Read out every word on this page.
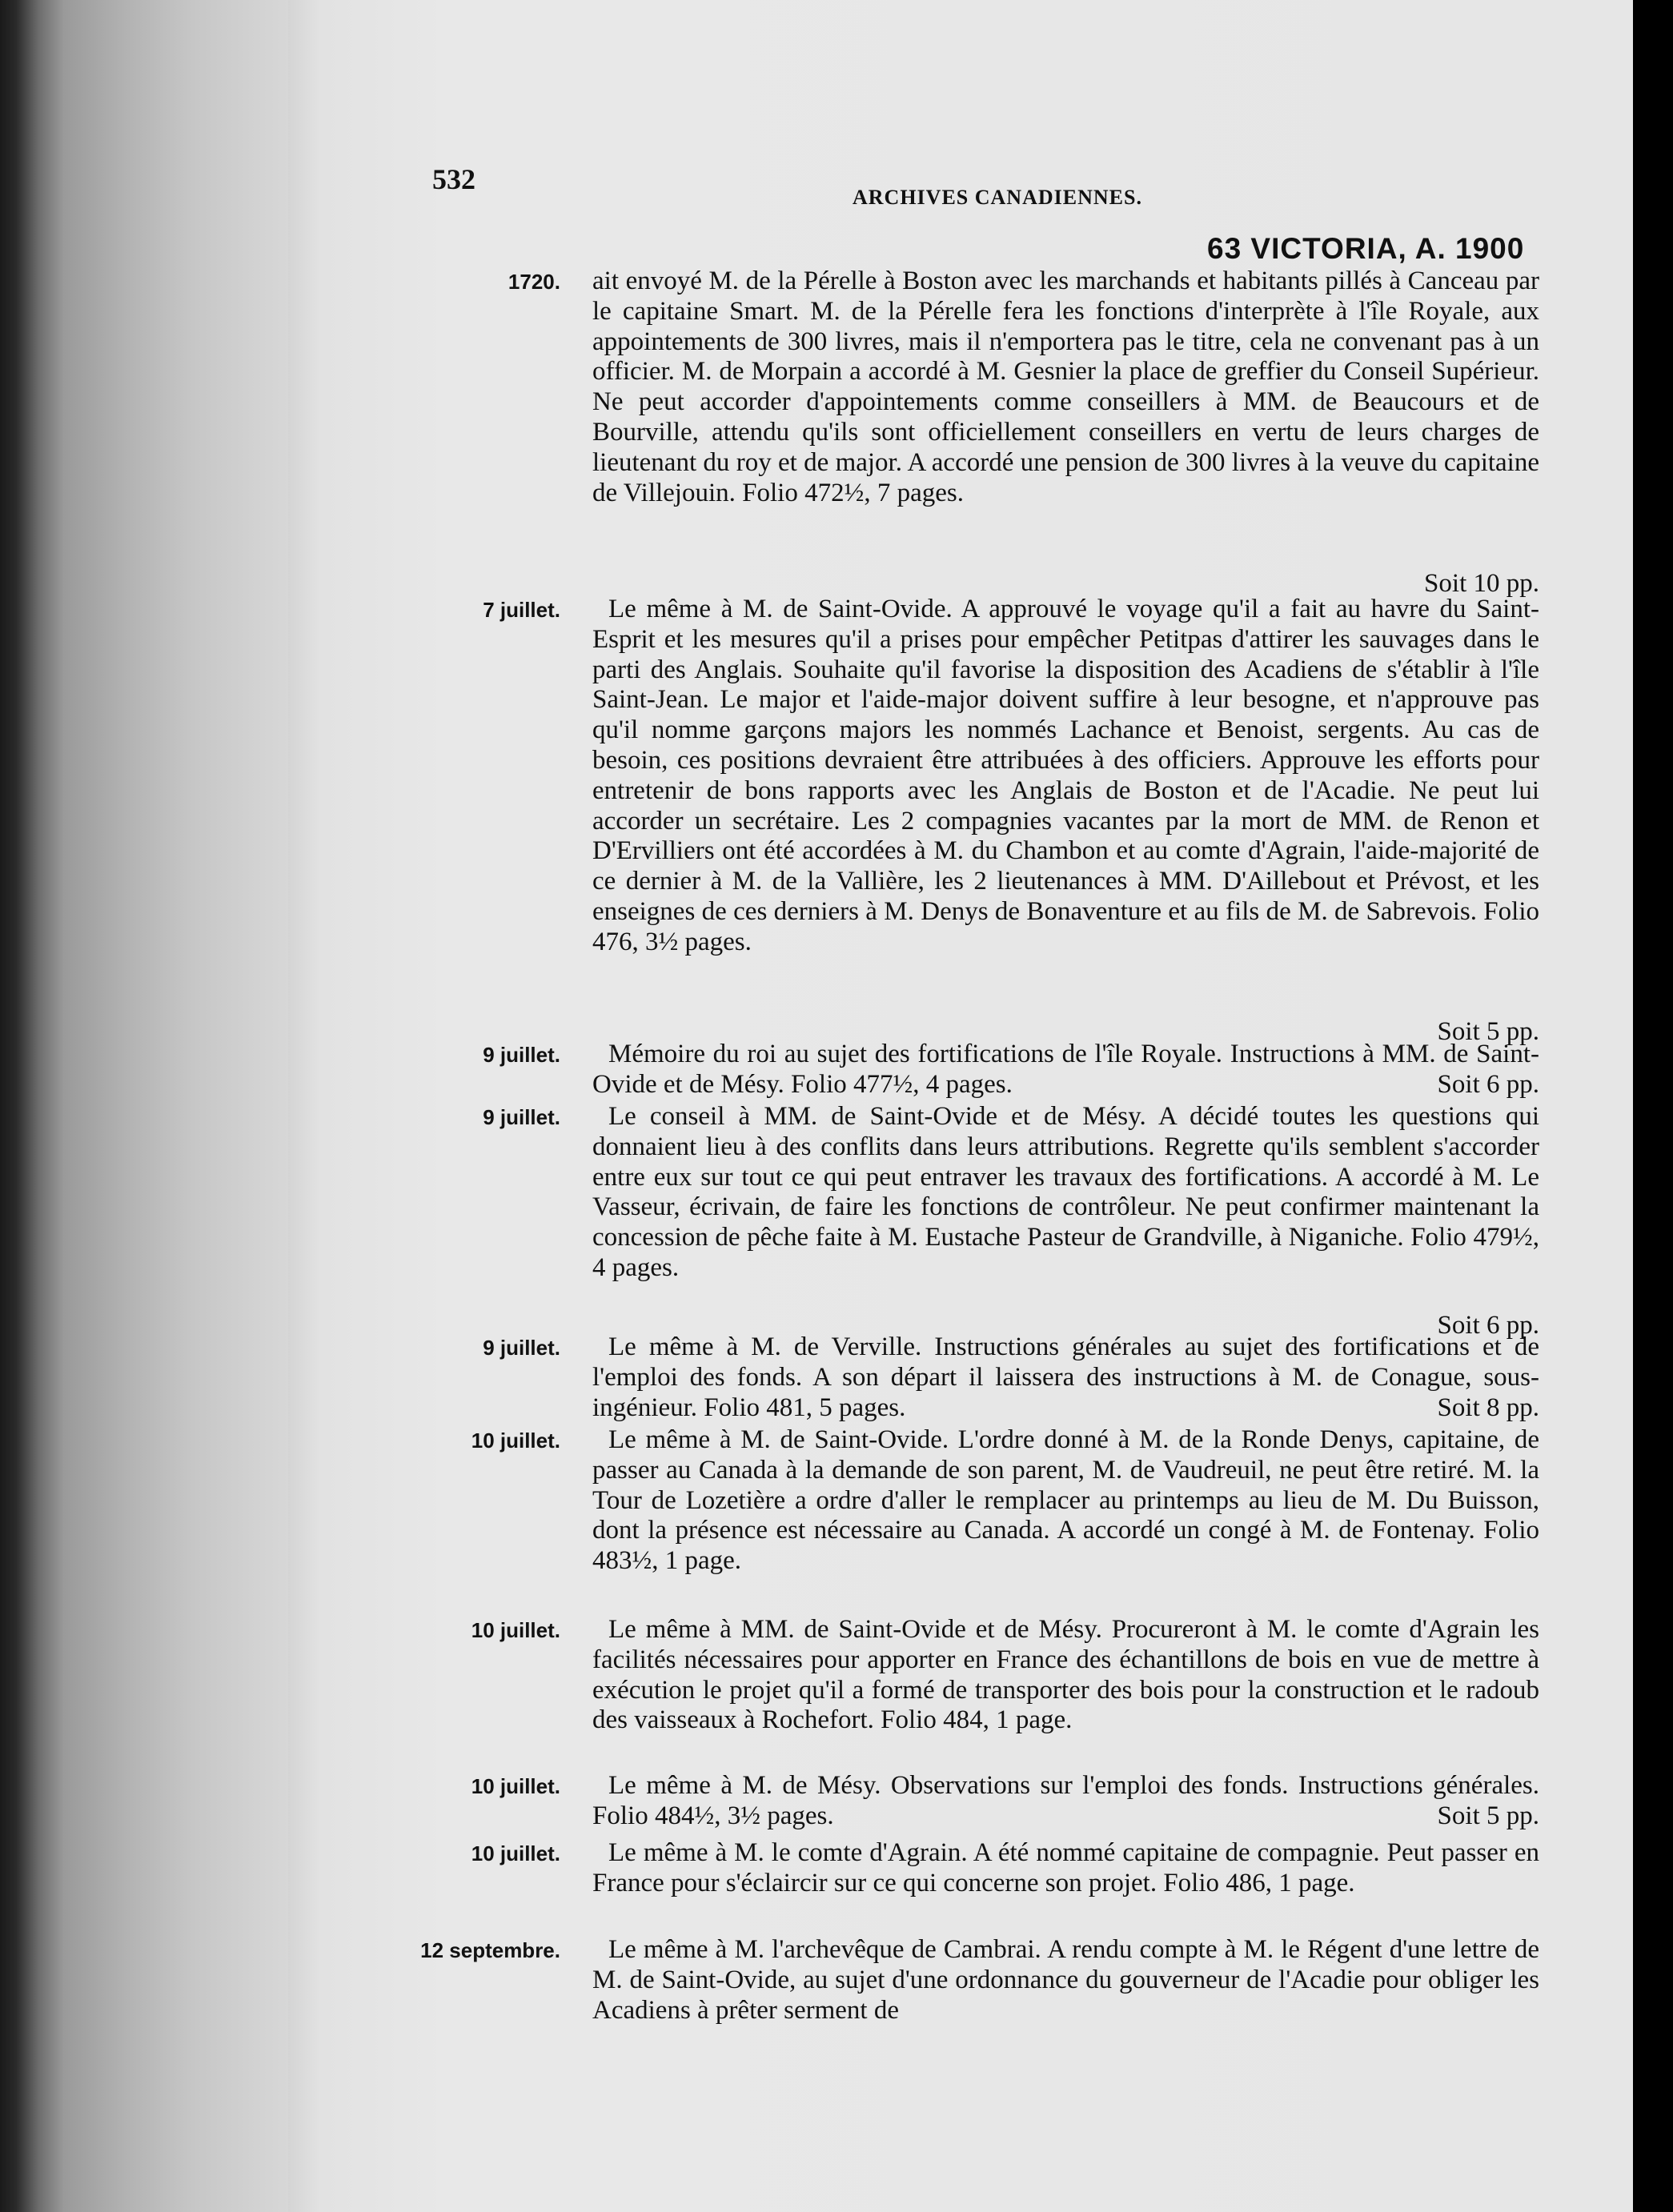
532
ARCHIVES CANADIENNES.
63 VICTORIA, A. 1900
1720. ait envoyé M. de la Pérelle à Boston avec les marchands et habitants pillés à Canceau par le capitaine Smart. M. de la Pérelle fera les fonctions d'interprète à l'île Royale, aux appointements de 300 livres, mais il n'emportera pas le titre, cela ne convenant pas à un officier. M. de Morpain a accordé à M. Gesnier la place de greffier du Conseil Supérieur. Ne peut accorder d'appointements comme conseillers à MM. de Beaucours et de Bourville, attendu qu'ils sont officiellement conseillers en vertu de leurs charges de lieutenant du roy et de major. A accordé une pension de 300 livres à la veuve du capitaine de Villejouin. Folio 472½, 7 pages.
Soit 10 pp.
7 juillet.	Le même à M. de Saint-Ovide. A approuvé le voyage qu'il a fait au havre du Saint-Esprit et les mesures qu'il a prises pour empêcher Petitpas d'attirer les sauvages dans le parti des Anglais. Souhaite qu'il favorise la disposition des Acadiens de s'établir à l'île Saint-Jean. Le major et l'aide-major doivent suffire à leur besogne, et n'approuve pas qu'il nomme garçons majors les nommés Lachance et Benoist, sergents. Au cas de besoin, ces positions devraient être attribuées à des officiers. Approuve les efforts pour entretenir de bons rapports avec les Anglais de Boston et de l'Acadie. Ne peut lui accorder un secrétaire. Les 2 compagnies vacantes par la mort de MM. de Renon et D'Ervilliers ont été accordées à M. du Chambon et au comte d'Agrain, l'aide-majorité de ce dernier à M. de la Vallière, les 2 lieutenances à MM. D'Aillebout et Prévost, et les enseignes de ces derniers à M. Denys de Bonaventure et au fils de M. de Sabrevois. Folio 476, 3½ pages.
Soit 5 pp.
9 juillet.	Mémoire du roi au sujet des fortifications de l'île Royale. Instructions à MM. de Saint-Ovide et de Mésy. Folio 477½, 4 pages.	Soit 6 pp.
9 juillet.	Le conseil à MM. de Saint-Ovide et de Mésy. A décidé toutes les questions qui donnaient lieu à des conflits dans leurs attributions. Regrette qu'ils semblent s'accorder entre eux sur tout ce qui peut entraver les travaux des fortifications. A accordé à M. Le Vasseur, écrivain, de faire les fonctions de contrôleur. Ne peut confirmer maintenant la concession de pêche faite à M. Eustache Pasteur de Grandville, à Niganiche. Folio 479½, 4 pages.
Soit 6 pp.
9 juillet.	Le même à M. de Verville. Instructions générales au sujet des fortifications et de l'emploi des fonds. A son départ il laissera des instructions à M. de Conague, sous-ingénieur. Folio 481, 5 pages.	Soit 8 pp.
10 juillet.	Le même à M. de Saint-Ovide. L'ordre donné à M. de la Ronde Denys, capitaine, de passer au Canada à la demande de son parent, M. de Vaudreuil, ne peut être retiré. M. la Tour de Lozetière a ordre d'aller le remplacer au printemps au lieu de M. Du Buisson, dont la présence est nécessaire au Canada. A accordé un congé à M. de Fontenay. Folio 483½, 1 page.
10 juillet.	Le même à MM. de Saint-Ovide et de Mésy. Procureront à M. le comte d'Agrain les facilités nécessaires pour apporter en France des échantillons de bois en vue de mettre à exécution le projet qu'il a formé de transporter des bois pour la construction et le radoub des vaisseaux à Rochefort. Folio 484, 1 page.
10 juillet.	Le même à M. de Mésy. Observations sur l'emploi des fonds. Instructions générales. Folio 484½, 3½ pages.	Soit 5 pp.
10 juillet.	Le même à M. le comte d'Agrain. A été nommé capitaine de compagnie. Peut passer en France pour s'éclaircir sur ce qui concerne son projet. Folio 486, 1 page.
12 septembre.	Le même à M. l'archevêque de Cambrai. A rendu compte à M. le Régent d'une lettre de M. de Saint-Ovide, au sujet d'une ordonnance du gouverneur de l'Acadie pour obliger les Acadiens à prêter serment de
